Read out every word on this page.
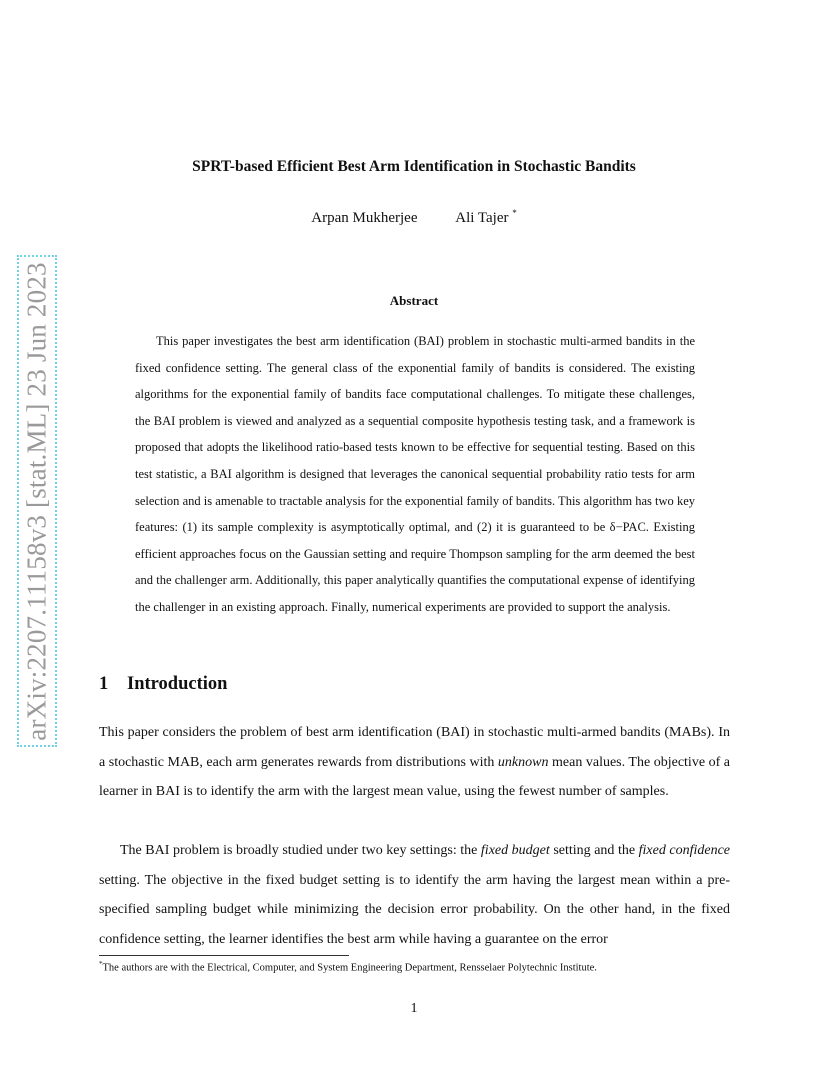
arXiv:2207.11158v3 [stat.ML] 23 Jun 2023
SPRT-based Efficient Best Arm Identification in Stochastic Bandits

Arpan Mukherjee	Ali Tajer *

Abstract

This paper investigates the best arm identification (BAI) problem in stochastic multi-armed bandits in the fixed confidence setting. The general class of the exponential family of bandits is considered. The existing algorithms for the exponential family of bandits face computational challenges. To mitigate these challenges, the BAI problem is viewed and analyzed as a sequential composite hypothesis testing task, and a framework is proposed that adopts the likelihood ratio-based tests known to be effective for sequential testing. Based on this test statistic, a BAI algorithm is designed that leverages the canonical sequential probability ratio tests for arm selection and is amenable to tractable analysis for the exponential family of bandits. This algorithm has two key features: (1) its sample complexity is asymptotically optimal, and (2) it is guaranteed to be δ−PAC. Existing efficient approaches focus on the Gaussian setting and require Thompson sampling for the arm deemed the best and the challenger arm. Additionally, this paper analytically quantifies the computational expense of identifying the challenger in an existing approach. Finally, numerical experiments are provided to support the analysis.

1 Introduction

This paper considers the problem of best arm identification (BAI) in stochastic multi-armed bandits (MABs). In a stochastic MAB, each arm generates rewards from distributions with unknown mean values. The objective of a learner in BAI is to identify the arm with the largest mean value, using the fewest number of samples.

The BAI problem is broadly studied under two key settings: the fixed budget setting and the fixed confidence setting. The objective in the fixed budget setting is to identify the arm having the largest mean within a pre-specified sampling budget while minimizing the decision error probability. On the other hand, in the fixed confidence setting, the learner identifies the best arm while having a guarantee on the error

*The authors are with the Electrical, Computer, and System Engineering Department, Rensselaer Polytechnic Institute.

1
